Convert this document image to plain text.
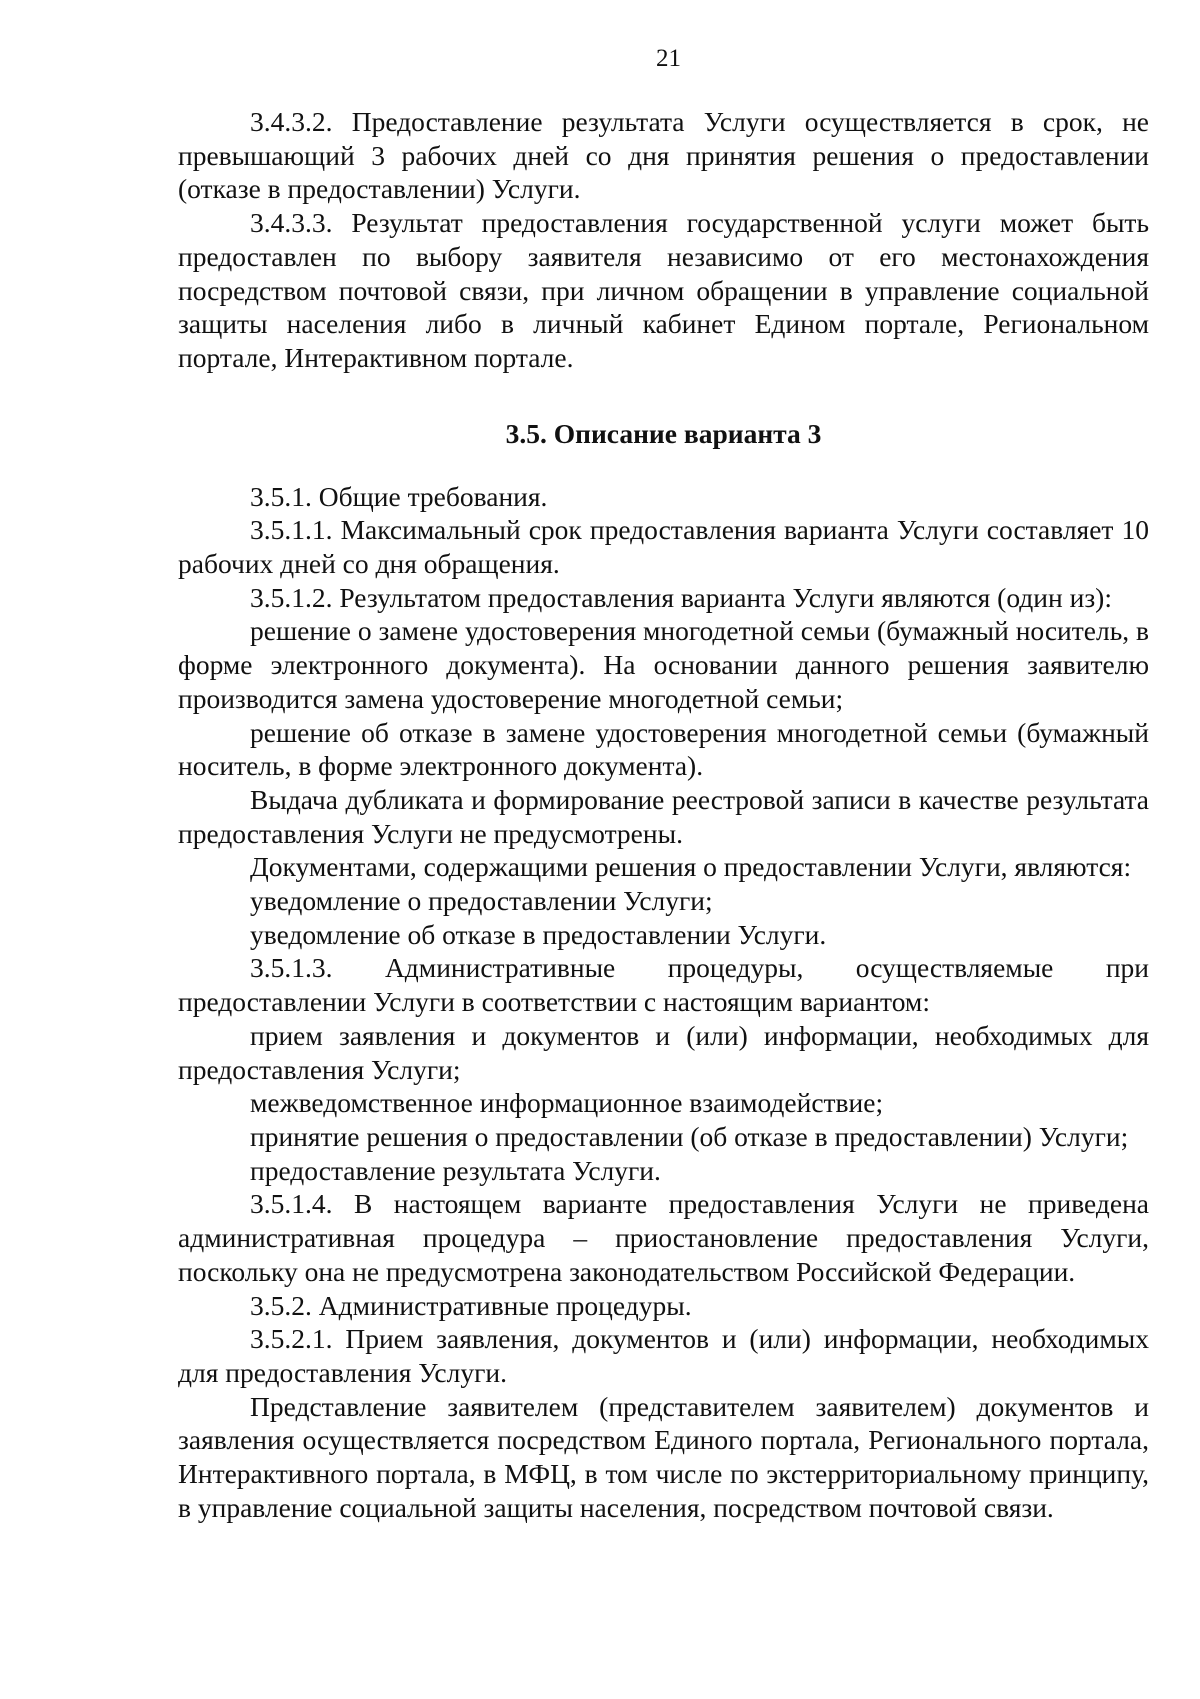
21

3.4.3.2. Предоставление результата Услуги осуществляется в срок, не превышающий 3 рабочих дней со дня принятия решения о предоставлении (отказе в предоставлении) Услуги.

3.4.3.3. Результат предоставления государственной услуги может быть предоставлен по выбору заявителя независимо от его местонахождения посредством почтовой связи, при личном обращении в управление социальной защиты населения либо в личный кабинет Едином портале, Региональном портале, Интерактивном портале.

3.5. Описание варианта 3

3.5.1. Общие требования.

3.5.1.1. Максимальный срок предоставления варианта Услуги составляет 10 рабочих дней со дня обращения.

3.5.1.2. Результатом предоставления варианта Услуги являются (один из):

решение о замене удостоверения многодетной семьи (бумажный носитель, в форме электронного документа). На основании данного решения заявителю производится замена удостоверение многодетной семьи;

решение об отказе в замене удостоверения многодетной семьи (бумажный носитель, в форме электронного документа).

Выдача дубликата и формирование реестровой записи в качестве результата предоставления Услуги не предусмотрены.

Документами, содержащими решения о предоставлении Услуги, являются:

уведомление о предоставлении Услуги;

уведомление об отказе в предоставлении Услуги.

3.5.1.3. Административные процедуры, осуществляемые при предоставлении Услуги в соответствии с настоящим вариантом:

прием заявления и документов и (или) информации, необходимых для предоставления Услуги;

межведомственное информационное взаимодействие;

принятие решения о предоставлении (об отказе в предоставлении) Услуги;

предоставление результата Услуги.

3.5.1.4. В настоящем варианте предоставления Услуги не приведена административная процедура – приостановление предоставления Услуги, поскольку она не предусмотрена законодательством Российской Федерации.

3.5.2. Административные процедуры.

3.5.2.1. Прием заявления, документов и (или) информации, необходимых для предоставления Услуги.

Представление заявителем (представителем заявителем) документов и заявления осуществляется посредством Единого портала, Регионального портала, Интерактивного портала, в МФЦ, в том числе по экстерриториальному принципу, в управление социальной защиты населения, посредством почтовой связи.
